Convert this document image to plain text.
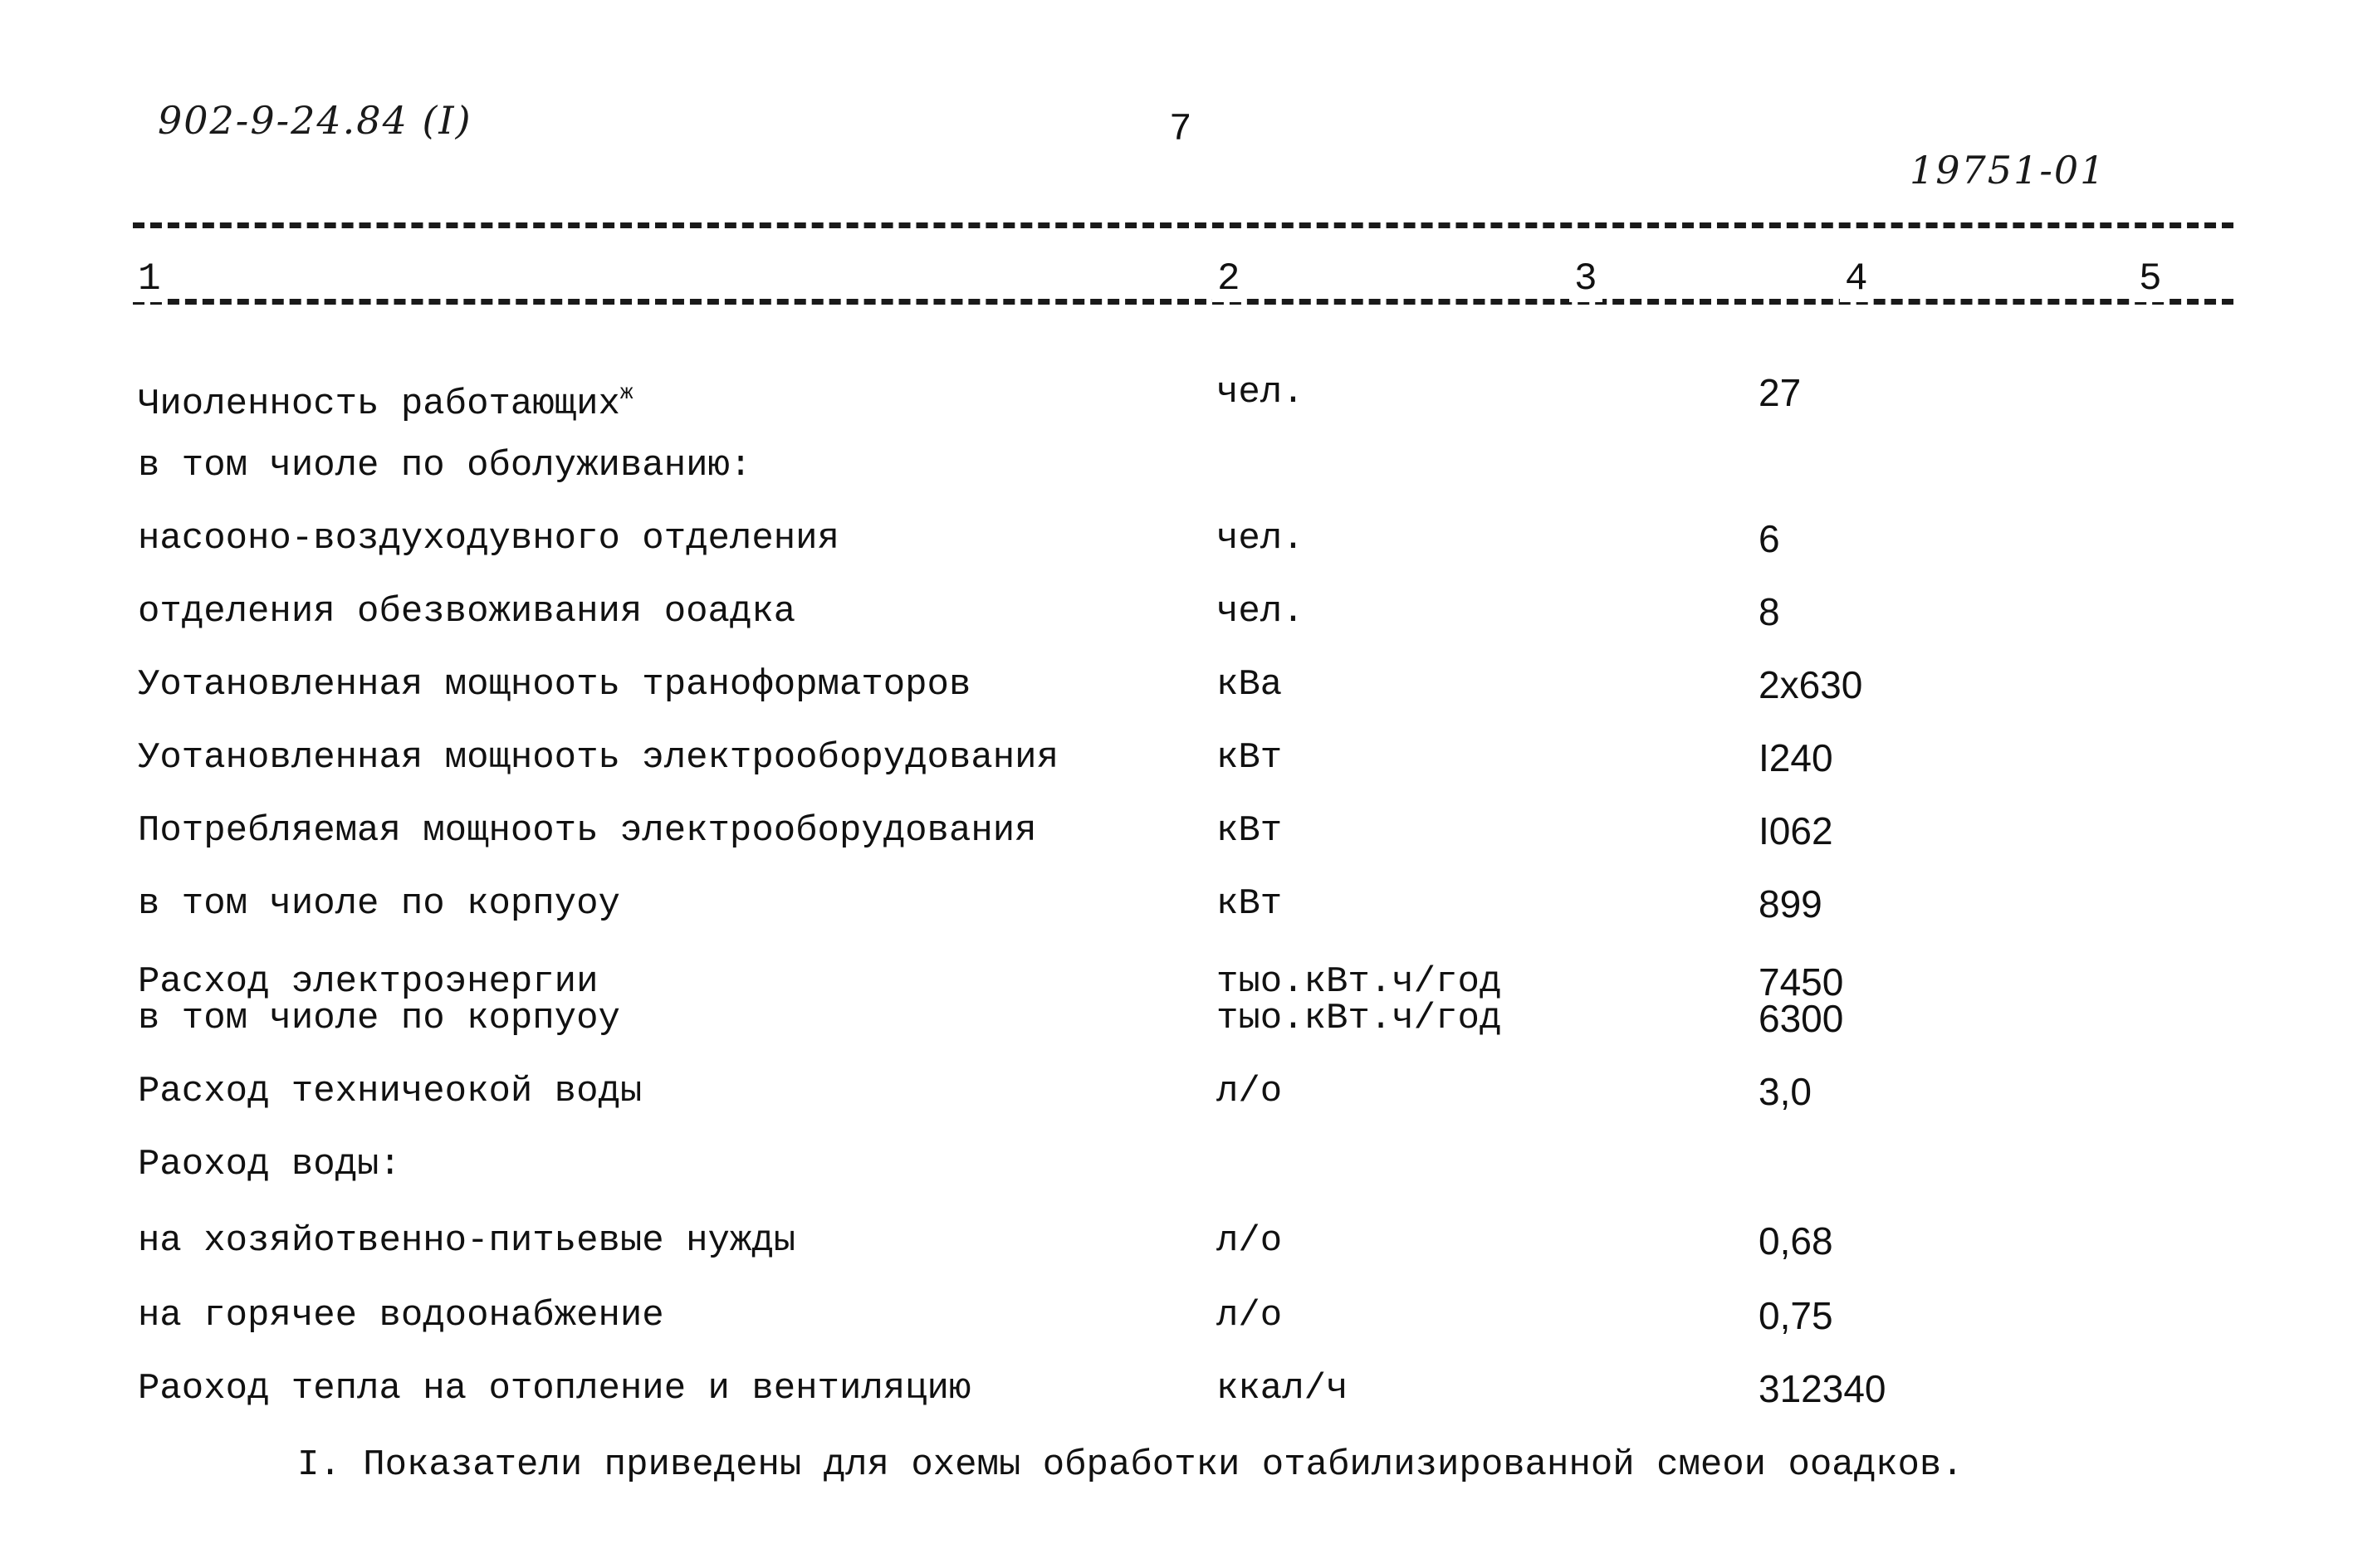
902-9-24.84 (I)	7
19751-01
1	2	3	4	5
Чиоленность работающих$^ж$	чел.	27
в том чиоле по оболуживанию:
насооно-воздуходувного отделения	чел.	6
отделения обезвоживания ооадка	чел.	8
Уотановленная мощноoть траноформаторов	кВа	2x630
Уотановленная мощноoть электрооборудования	кВт	I240
Потребляемая мощноoть электрооборудования	кВт	I062
в том чиоле по корпуоу	кВт	899
Раcход электроэнергии	тыo.кВт.ч/год	7450
в том чиоле по корпуоу	тыo.кВт.ч/год	6300
Расход техничеокой воды	л/о	3,0
Раоход воды:
на хозяйотвенно-питьевые нужды	л/о	0,68
на горячее водоонабжение	л/о	0,75
Раоход тепла на отопление и вентиляцию	ккал/ч	312340
I. Показатели приведены для oхемы обработки отабилизированной смеои ооадков.
